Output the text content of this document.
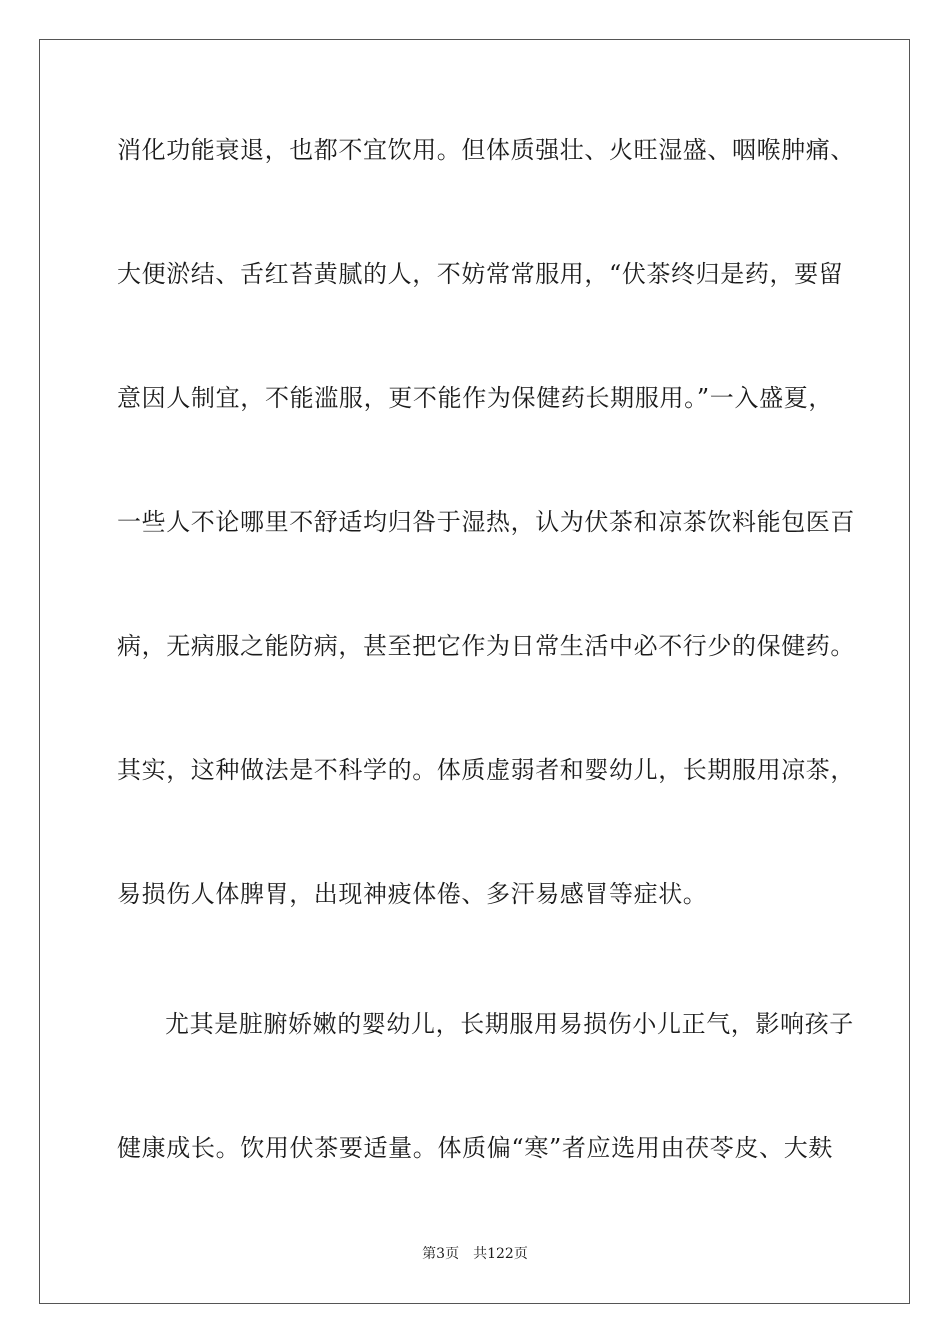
消化功能衰退，也都不宜饮用。但体质强壮、火旺湿盛、咽喉肿痛、
大便淤结、舌红苔黄腻的人，不妨常常服用，“伏茶终归是药，要留
意因人制宜，不能滥服，更不能作为保健药长期服用。”一入盛夏，
一些人不论哪里不舒适均归咎于湿热，认为伏茶和凉茶饮料能包医百
病，无病服之能防病，甚至把它作为日常生活中必不行少的保健药。
其实，这种做法是不科学的。体质虚弱者和婴幼儿，长期服用凉茶，
易损伤人体脾胃，出现神疲体倦、多汗易感冒等症状。
尤其是脏腑娇嫩的婴幼儿，长期服用易损伤小儿正气，影响孩子
健康成长。饮用伏茶要适量。体质偏“寒”者应选用由茯苓皮、大麸
第3页 共122页
